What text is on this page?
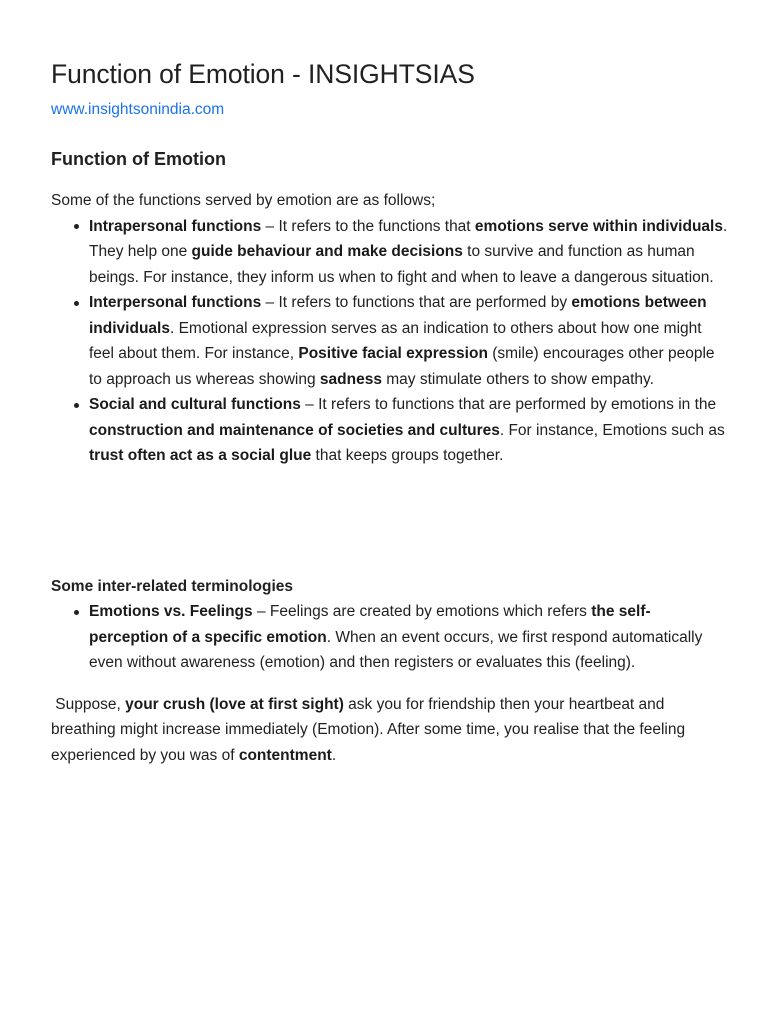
Function of Emotion - INSIGHTSIAS
www.insightsonindia.com
Function of Emotion

Some of the functions served by emotion are as follows;

Intrapersonal functions – It refers to the functions that emotions serve within individuals. They help one guide behaviour and make decisions to survive and function as human beings. For instance, they inform us when to fight and when to leave a dangerous situation.
Interpersonal functions – It refers to functions that are performed by emotions between individuals. Emotional expression serves as an indication to others about how one might feel about them. For instance, Positive facial expression (smile) encourages other people to approach us whereas showing sadness may stimulate others to show empathy.
Social and cultural functions – It refers to functions that are performed by emotions in the construction and maintenance of societies and cultures. For instance, Emotions such as trust often act as a social glue that keeps groups together.

Some inter-related terminologies

Emotions vs. Feelings – Feelings are created by emotions which refers the self-perception of a specific emotion. When an event occurs, we first respond automatically even without awareness (emotion) and then registers or evaluates this (feeling).

Suppose, your crush (love at first sight) ask you for friendship then your heartbeat and breathing might increase immediately (Emotion). After some time, you realise that the feeling experienced by you was of contentment.
